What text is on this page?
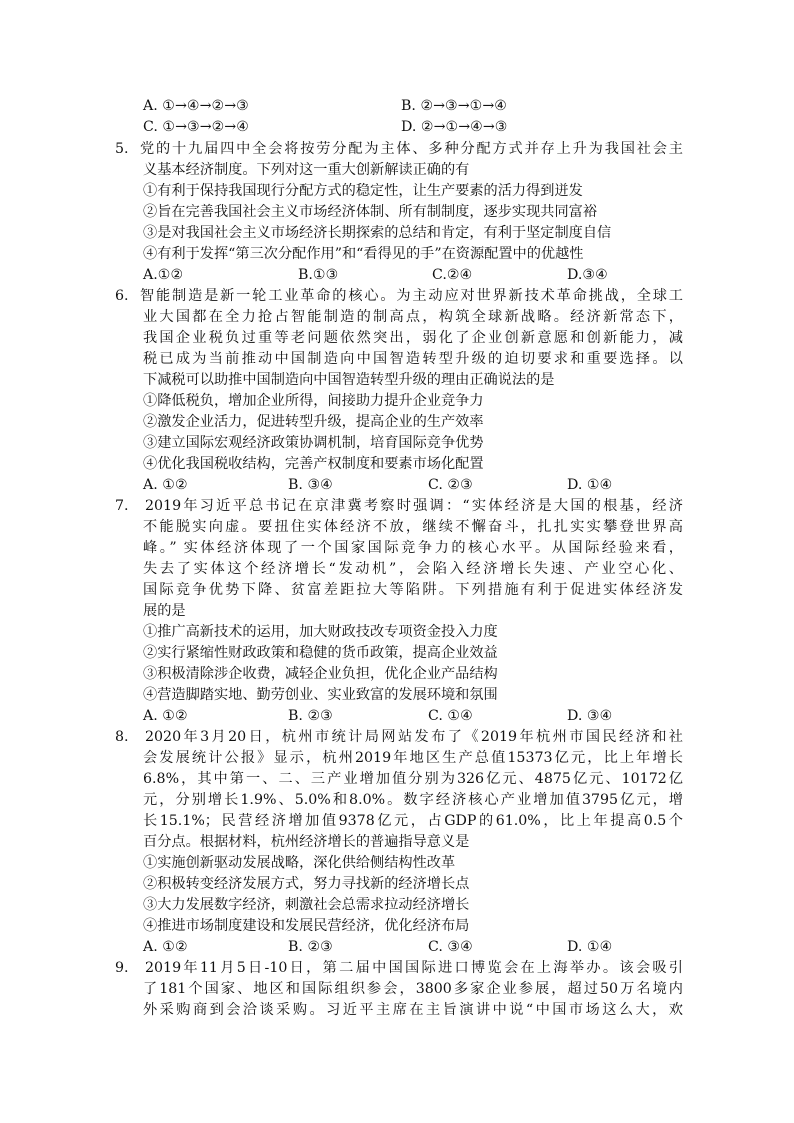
A. ①→④→②→③	B. ②→③→①→④
C. ①→③→②→④	D. ②→①→④→③
5. 党的十九届四中全会将按劳分配为主体、多种分配方式并存上升为我国社会主
义基本经济制度。下列对这一重大创新解读正确的有
①有利于保持我国现行分配方式的稳定性，让生产要素的活力得到迸发
②旨在完善我国社会主义市场经济体制、所有制制度，逐步实现共同富裕
③是对我国社会主义市场经济长期探索的总结和肯定，有利于坚定制度自信
④有利于发挥“第三次分配作用”和“看得见的手”在资源配置中的优越性
A.①②	B.①③	C.②④	D.③④
6. 智能制造是新一轮工业革命的核心。为主动应对世界新技术革命挑战，全球工
业大国都在全力抢占智能制造的制高点，构筑全球新战略。经济新常态下，
我国企业税负过重等老问题依然突出，弱化了企业创新意愿和创新能力，减
税已成为当前推动中国制造向中国智造转型升级的迫切要求和重要选择。以
下减税可以助推中国制造向中国智造转型升级的理由正确说法的是
①降低税负，增加企业所得，间接助力提升企业竞争力
②激发企业活力，促进转型升级，提高企业的生产效率
③建立国际宏观经济政策协调机制，培育国际竞争优势
④优化我国税收结构，完善产权制度和要素市场化配置
A. ①②	B. ③④	C. ②③	D. ①④
7. 2019年习近平总书记在京津冀考察时强调：“实体经济是大国的根基，经济
不能脱实向虚。要扭住实体经济不放，继续不懈奋斗，扎扎实实攀登世界高
峰。” 实体经济体现了一个国家国际竞争力的核心水平。从国际经验来看，
失去了实体这个经济增长“发动机”，会陷入经济增长失速、产业空心化、
国际竞争优势下降、贫富差距拉大等陷阱。下列措施有利于促进实体经济发
展的是
①推广高新技术的运用，加大财政技改专项资金投入力度
②实行紧缩性财政政策和稳健的货币政策，提高企业效益
③积极清除涉企收费，减轻企业负担，优化企业产品结构
④营造脚踏实地、勤劳创业、实业致富的发展环境和氛围
A. ①②	B. ②③	C. ①④	D. ③④
8. 2020年3月20日，杭州市统计局网站发布了《2019年杭州市国民经济和社
会发展统计公报》显示，杭州2019年地区生产总值15373亿元，比上年增长
6.8%，其中第一、二、三产业增加值分别为326亿元、4875亿元、10172亿
元，分别增长1.9%、5.0%和8.0%。数字经济核心产业增加值3795亿元，增
长15.1%；民营经济增加值9378亿元，占GDP的61.0%，比上年提高0.5个
百分点。根据材料，杭州经济增长的普遍指导意义是
①实施创新驱动发展战略，深化供给侧结构性改革
②积极转变经济发展方式，努力寻找新的经济增长点
③大力发展数字经济，刺激社会总需求拉动经济增长
④推进市场制度建设和发展民营经济，优化经济布局
A. ①②	B. ②③	C. ③④	D. ①④
9. 2019年11月5日-10日，第二届中国国际进口博览会在上海举办。该会吸引
了181个国家、地区和国际组织参会，3800多家企业参展，超过50万名境内
外采购商到会洽谈采购。习近平主席在主旨演讲中说“中国市场这么大，欢
